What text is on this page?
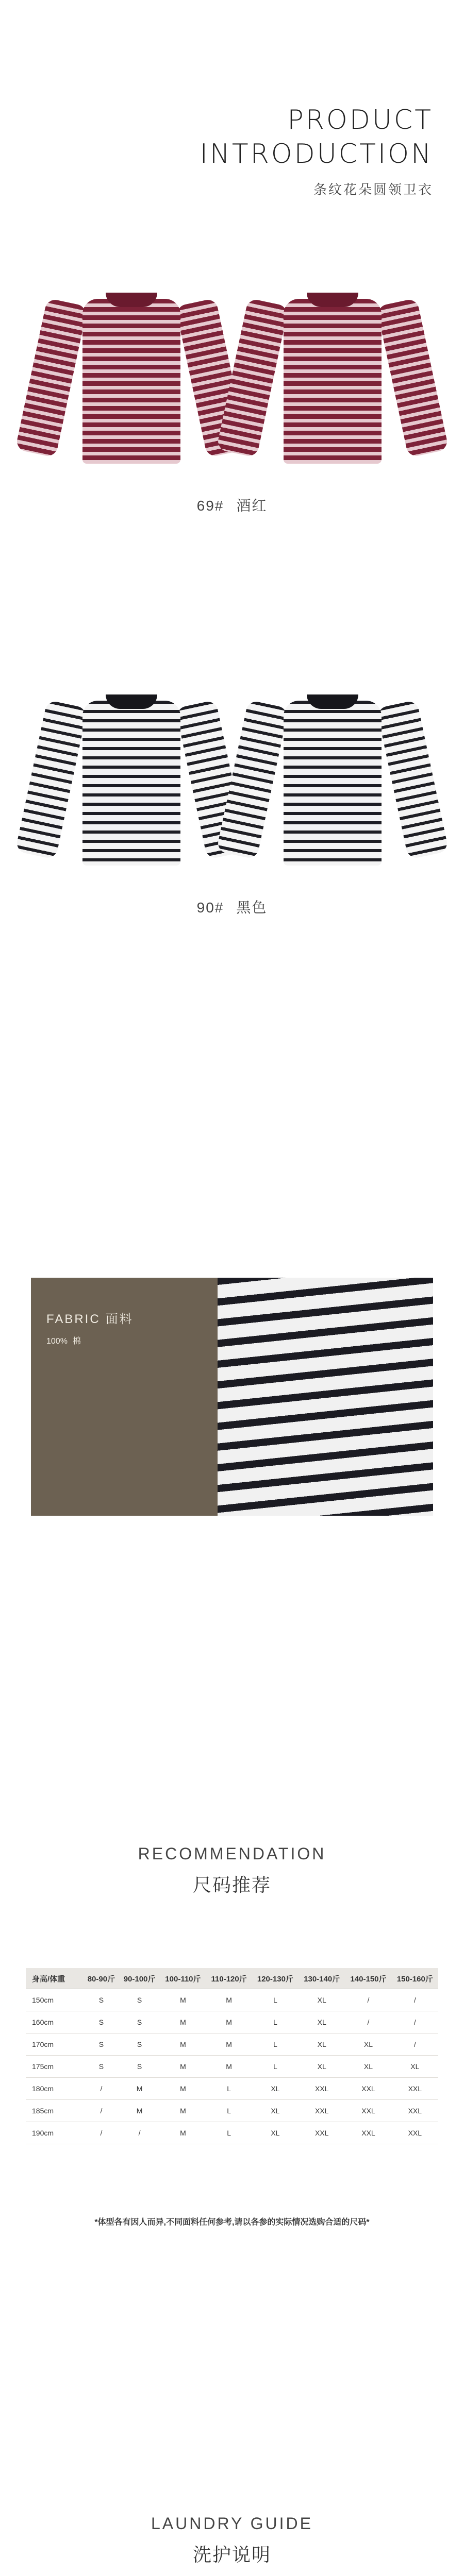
PRODUCT
INTRODUCTION
条纹花朵圆领卫衣
69# 酒红
90# 黑色
FABRIC 面料
100% 棉
RECOMMENDATION
尺码推荐
身高/体重	80-90斤	90-100斤	100-110斤	110-120斤	120-130斤	130-140斤	140-150斤	150-160斤
150cm	S	S	M	M	L	XL	/	/
160cm	S	S	M	M	L	XL	/	/
170cm	S	S	M	M	L	XL	XL	/
175cm	S	S	M	M	L	XL	XL	XL
180cm	/	M	M	L	XL	XXL	XXL	XXL
185cm	/	M	M	L	XL	XXL	XXL	XXL
190cm	/	/	M	L	XL	XXL	XXL	XXL
*体型各有因人而异,不同面料任何参考,请以各参的实际情况选购合适的尺码*
LAUNDRY GUIDE
洗护说明
